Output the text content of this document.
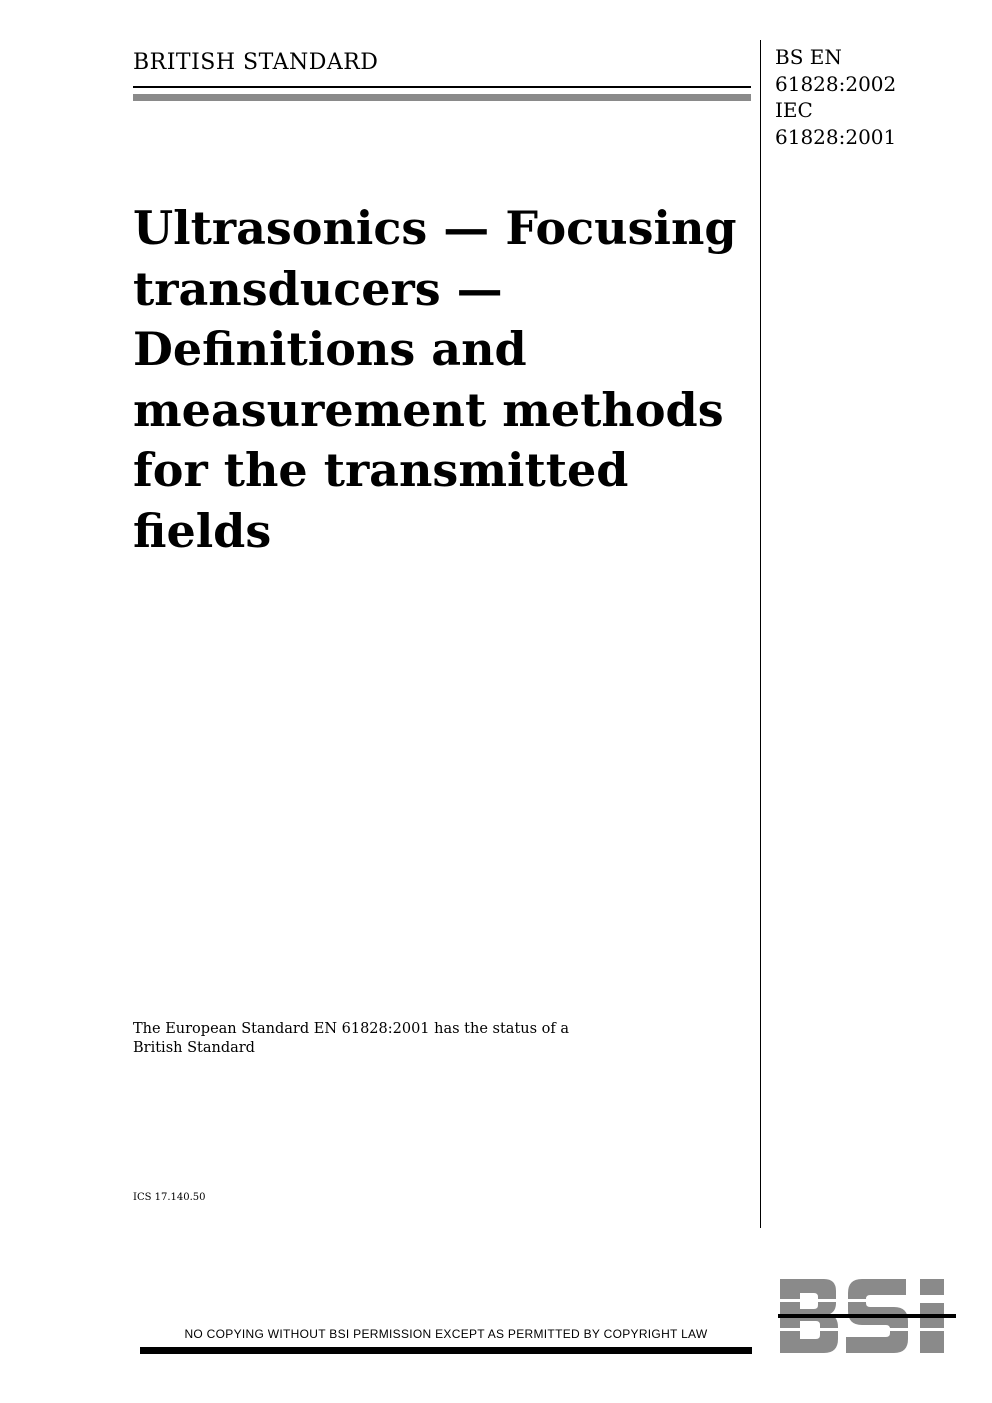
BRITISH STANDARD	BS EN
61828:2002
IEC
61828:2001
Ultrasonics — Focusing
transducers —
Definitions and
measurement methods
for the transmitted
fields
The European Standard EN 61828:2001 has the status of a
British Standard
ICS 17.140.50
NO COPYING WITHOUT BSI PERMISSION EXCEPT AS PERMITTED BY COPYRIGHT LAW
